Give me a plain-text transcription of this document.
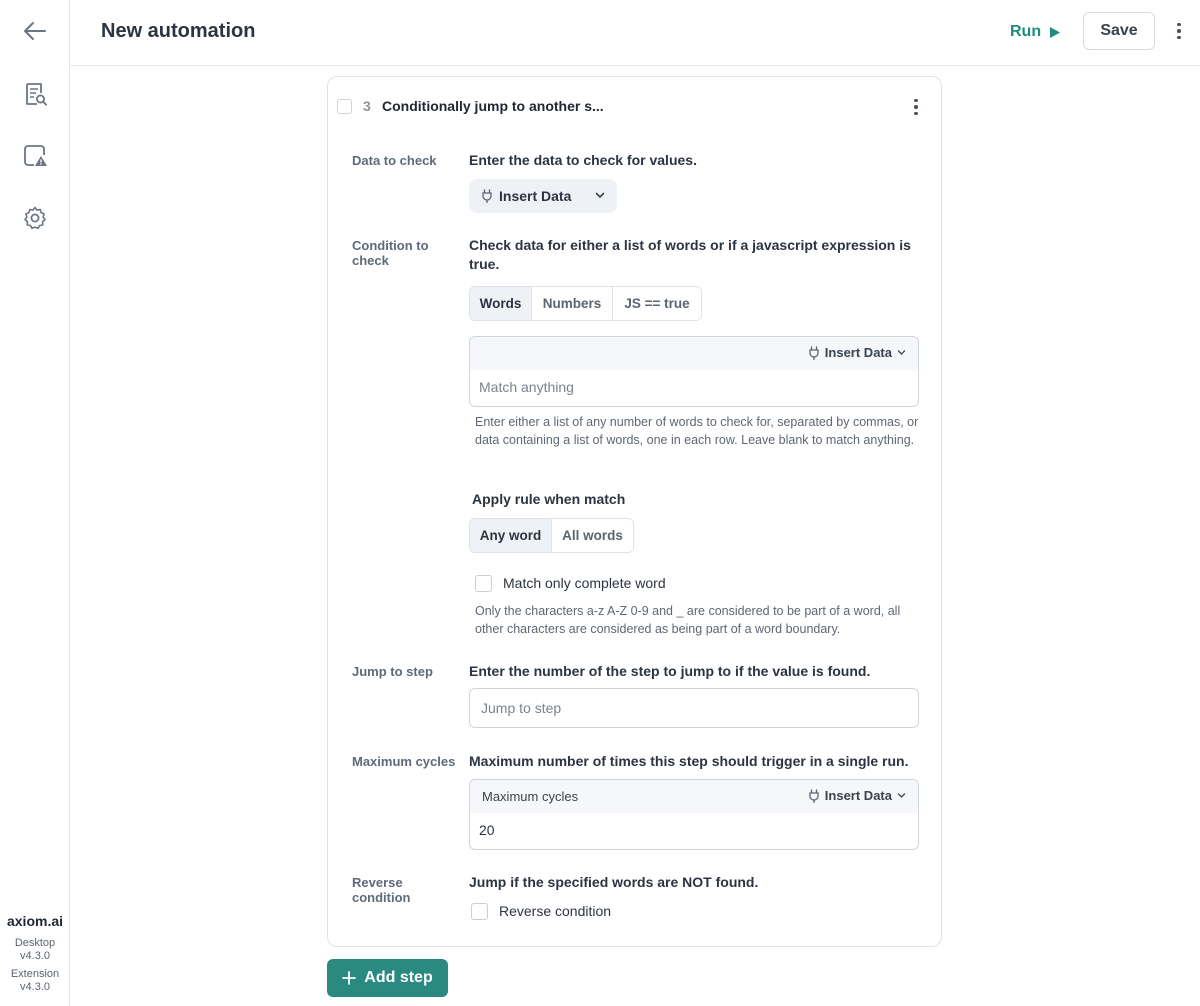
axiom.ai
Desktop
v4.3.0
Extension
v4.3.0
New automation	Run	Save
3 Conditionally jump to another s...
Data to check Enter the data to check for values.
Insert Data
Condition to check
Check data for either a list of words or if a javascript expression is true.
Words	Numbers	JS == true
Insert Data
Match anything
Enter either a list of any number of words to check for, separated by commas, or data containing a list of words, one in each row. Leave blank to match anything.
Apply rule when match
Any word	All words
Match only complete word
Only the characters a-z A-Z 0-9 and _ are considered to be part of a word, all other characters are considered as being part of a word boundary.
Jump to step	Enter the number of the step to jump to if the value is found.
Jump to step
Maximum cycles Maximum number of times this step should trigger in a single run.
Maximum cycles	Insert Data
20
Reverse condition
Jump if the specified words are NOT found.
Reverse condition
Add step
